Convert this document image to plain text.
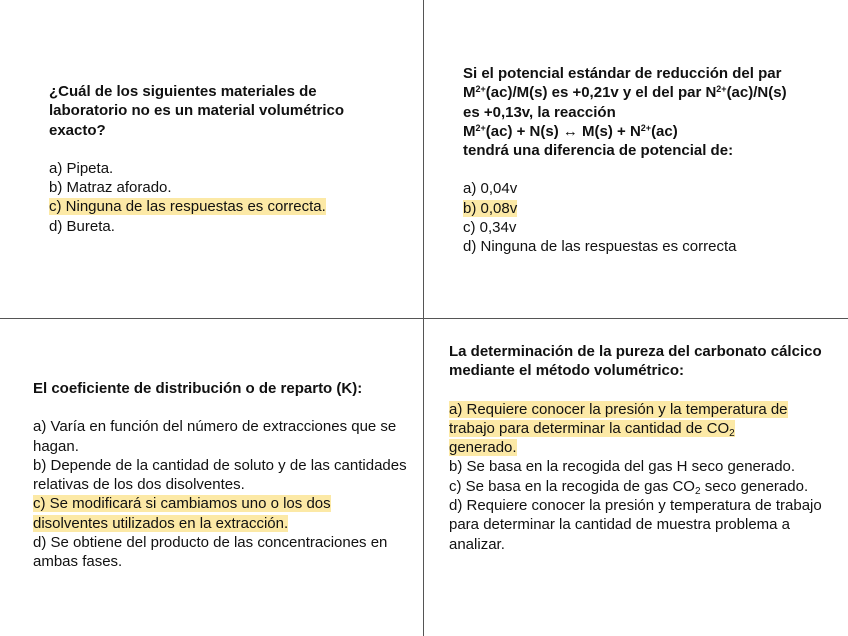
¿Cuál de los siguientes materiales de laboratorio no es un material volumétrico exacto?

a) Pipeta.

b) Matraz aforado.

c) Ninguna de las respuestas es correcta.

d) Bureta.

Si el potencial estándar de reducción del par
$M^{2+}(ac)/M(s)$ es +0,21v y el del par $N^{2+}(ac)/N(s)$
es +0,13v, la reacción
$M^{2+}(ac) + N(s)$ ↔ $M(s) + N^{2+}(ac)$
tendrá una diferencia de potencial de:

a) 0,04v

b) 0,08v

c) 0,34v

d) Ninguna de las respuestas es correcta

El coeficiente de distribución o de reparto (K):

a) Varía en función del número de extracciones que se hagan.

b) Depende de la cantidad de soluto y de las cantidades relativas de los dos disolventes.

c) Se modificará si cambiamos uno o los dos
disolventes utilizados en la extracción.

d) Se obtiene del producto de las concentraciones en ambas fases.

La determinación de la pureza del carbonato cálcico mediante el método volumétrico:

a) Requiere conocer la presión y la temperatura de
trabajo para determinar la cantidad de $CO_2$
generado.

b) Se basa en la recogida del gas H seco generado.

c) Se basa en la recogida de gas $CO_2$ seco generado.

d) Requiere conocer la presión y temperatura de trabajo para determinar la cantidad de muestra problema a analizar.
